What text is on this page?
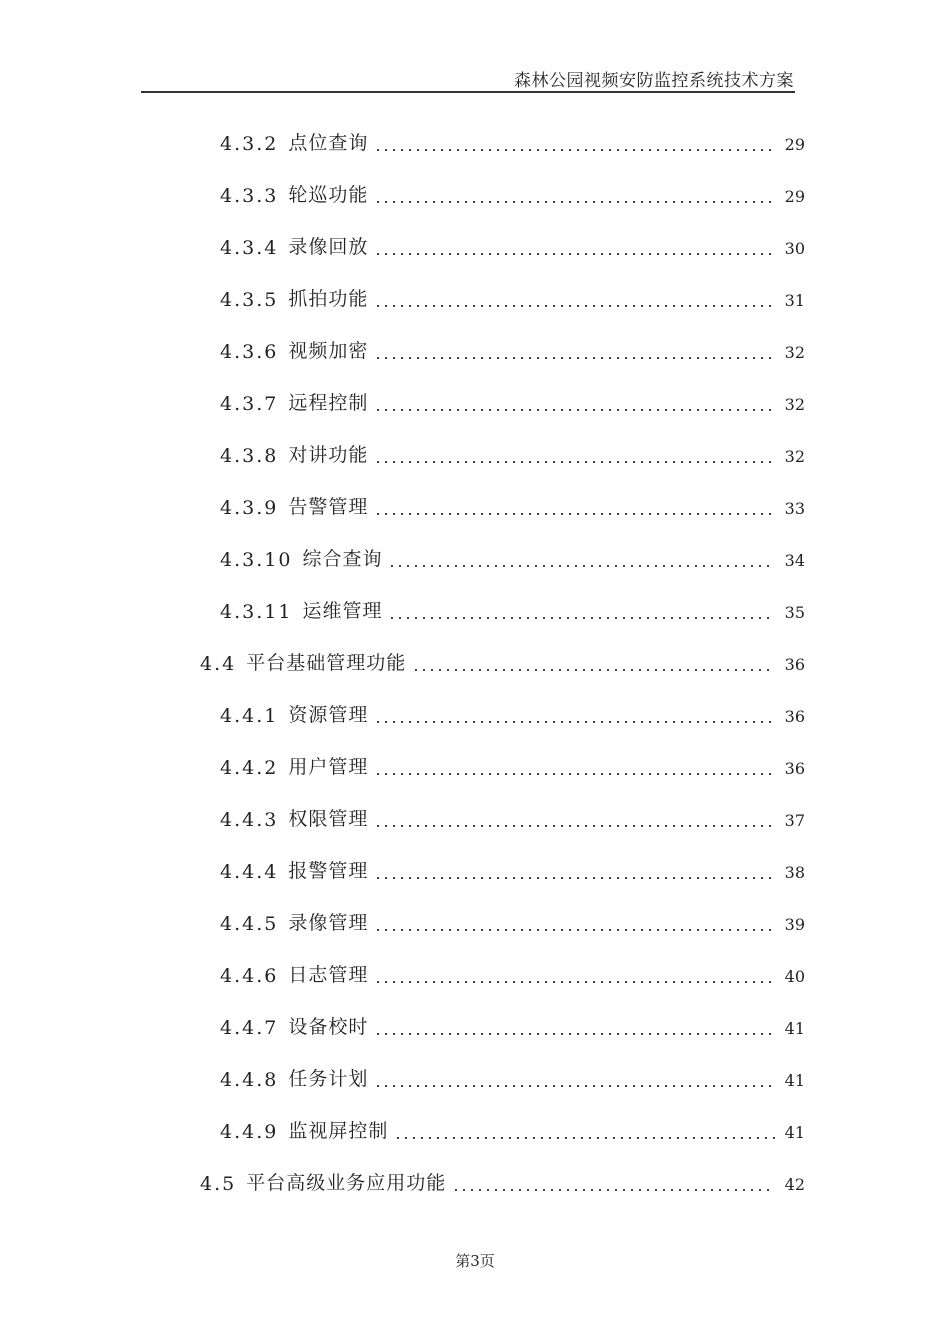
森林公园视频安防监控系统技术方案
4.3.2 点位查询	29
4.3.3 轮巡功能	29
4.3.4 录像回放	30
4.3.5 抓拍功能	31
4.3.6 视频加密	32
4.3.7 远程控制	32
4.3.8 对讲功能	32
4.3.9 告警管理	33
4.3.10 综合查询	34
4.3.11 运维管理	35
4.4 平台基础管理功能	36
4.4.1 资源管理	36
4.4.2 用户管理	36
4.4.3 权限管理	37
4.4.4 报警管理	38
4.4.5 录像管理	39
4.4.6 日志管理	40
4.4.7 设备校时	41
4.4.8 任务计划	41
4.4.9 监视屏控制	41
4.5 平台高级业务应用功能	42
第3页
